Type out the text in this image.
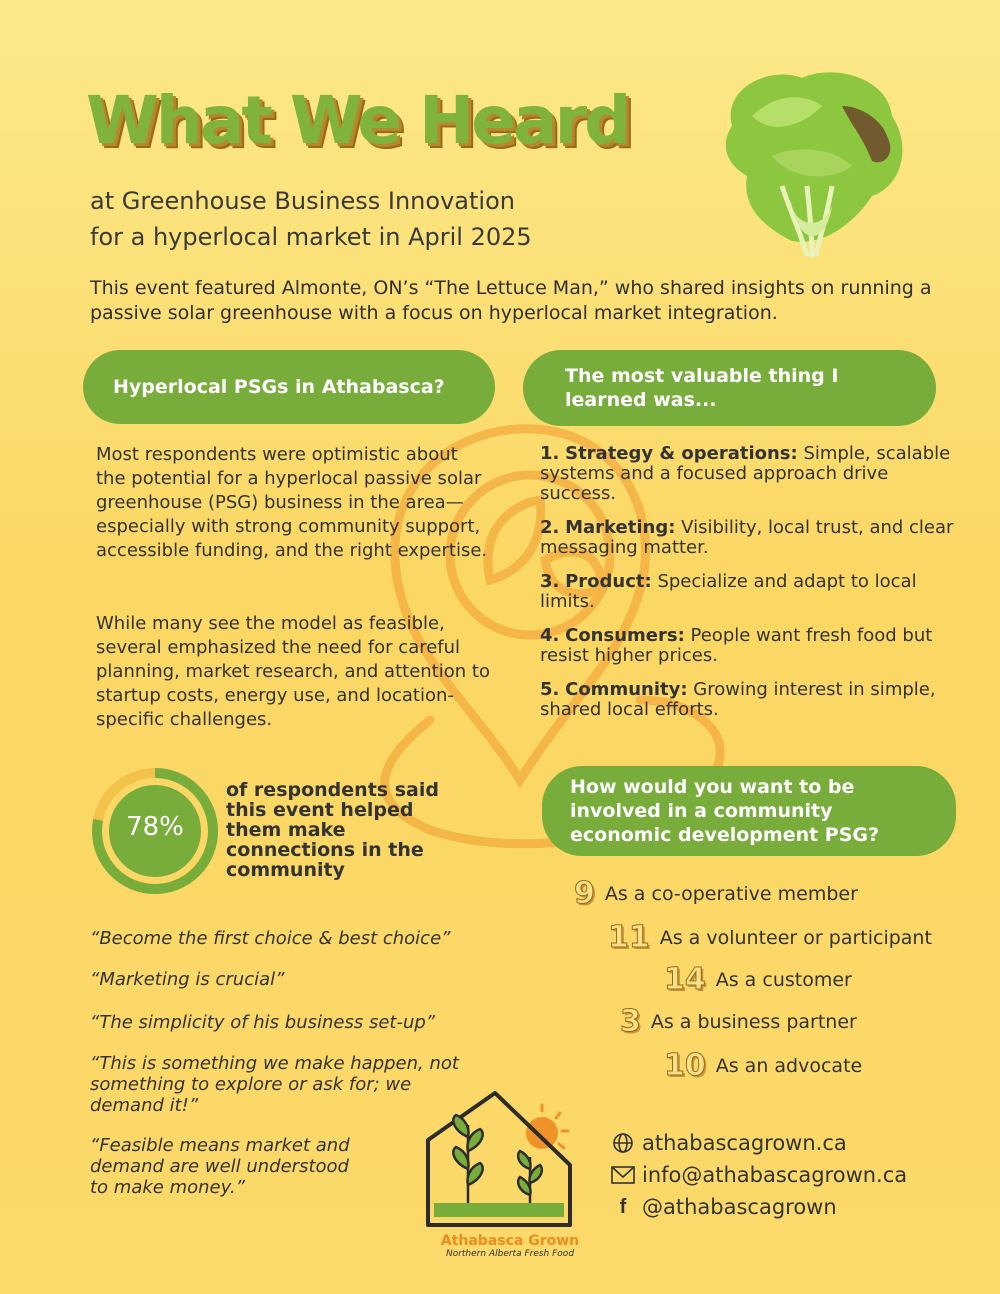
What We Heard
at Greenhouse Business Innovation
for a hyperlocal market in April 2025
This event featured Almonte, ON’s “The Lettuce Man,” who shared insights on running a passive solar greenhouse with a focus on hyperlocal market integration.
Hyperlocal PSGs in Athabasca?	The most valuable thing I learned was...
Most respondents were optimistic about the potential for a hyperlocal passive solar greenhouse (PSG) business in the area—especially with strong community support, accessible funding, and the right expertise.
While many see the model as feasible, several emphasized the need for careful planning, market research, and attention to startup costs, energy use, and location-specific challenges.
1. Strategy & operations: Simple, scalable systems and a focused approach drive success.
2. Marketing: Visibility, local trust, and clear messaging matter.
3. Product: Specialize and adapt to local limits.
4. Consumers: People want fresh food but resist higher prices.
5. Community: Growing interest in simple, shared local efforts.
78%
of respondents said this event helped them make connections in the community
“Become the first choice & best choice”
“Marketing is crucial”
“The simplicity of his business set-up”
“This is something we make happen, not something to explore or ask for; we demand it!”
“Feasible means market and demand are well understood to make money.”
How would you want to be involved in a community economic development PSG?
9 As a co-operative member
11 As a volunteer or participant
14 As a customer
3 As a business partner
10 As an advocate
athabascagrown.ca
info@athabascagrown.ca
f @athabascagrown
Athabasca Grown
Northern Alberta Fresh Food
